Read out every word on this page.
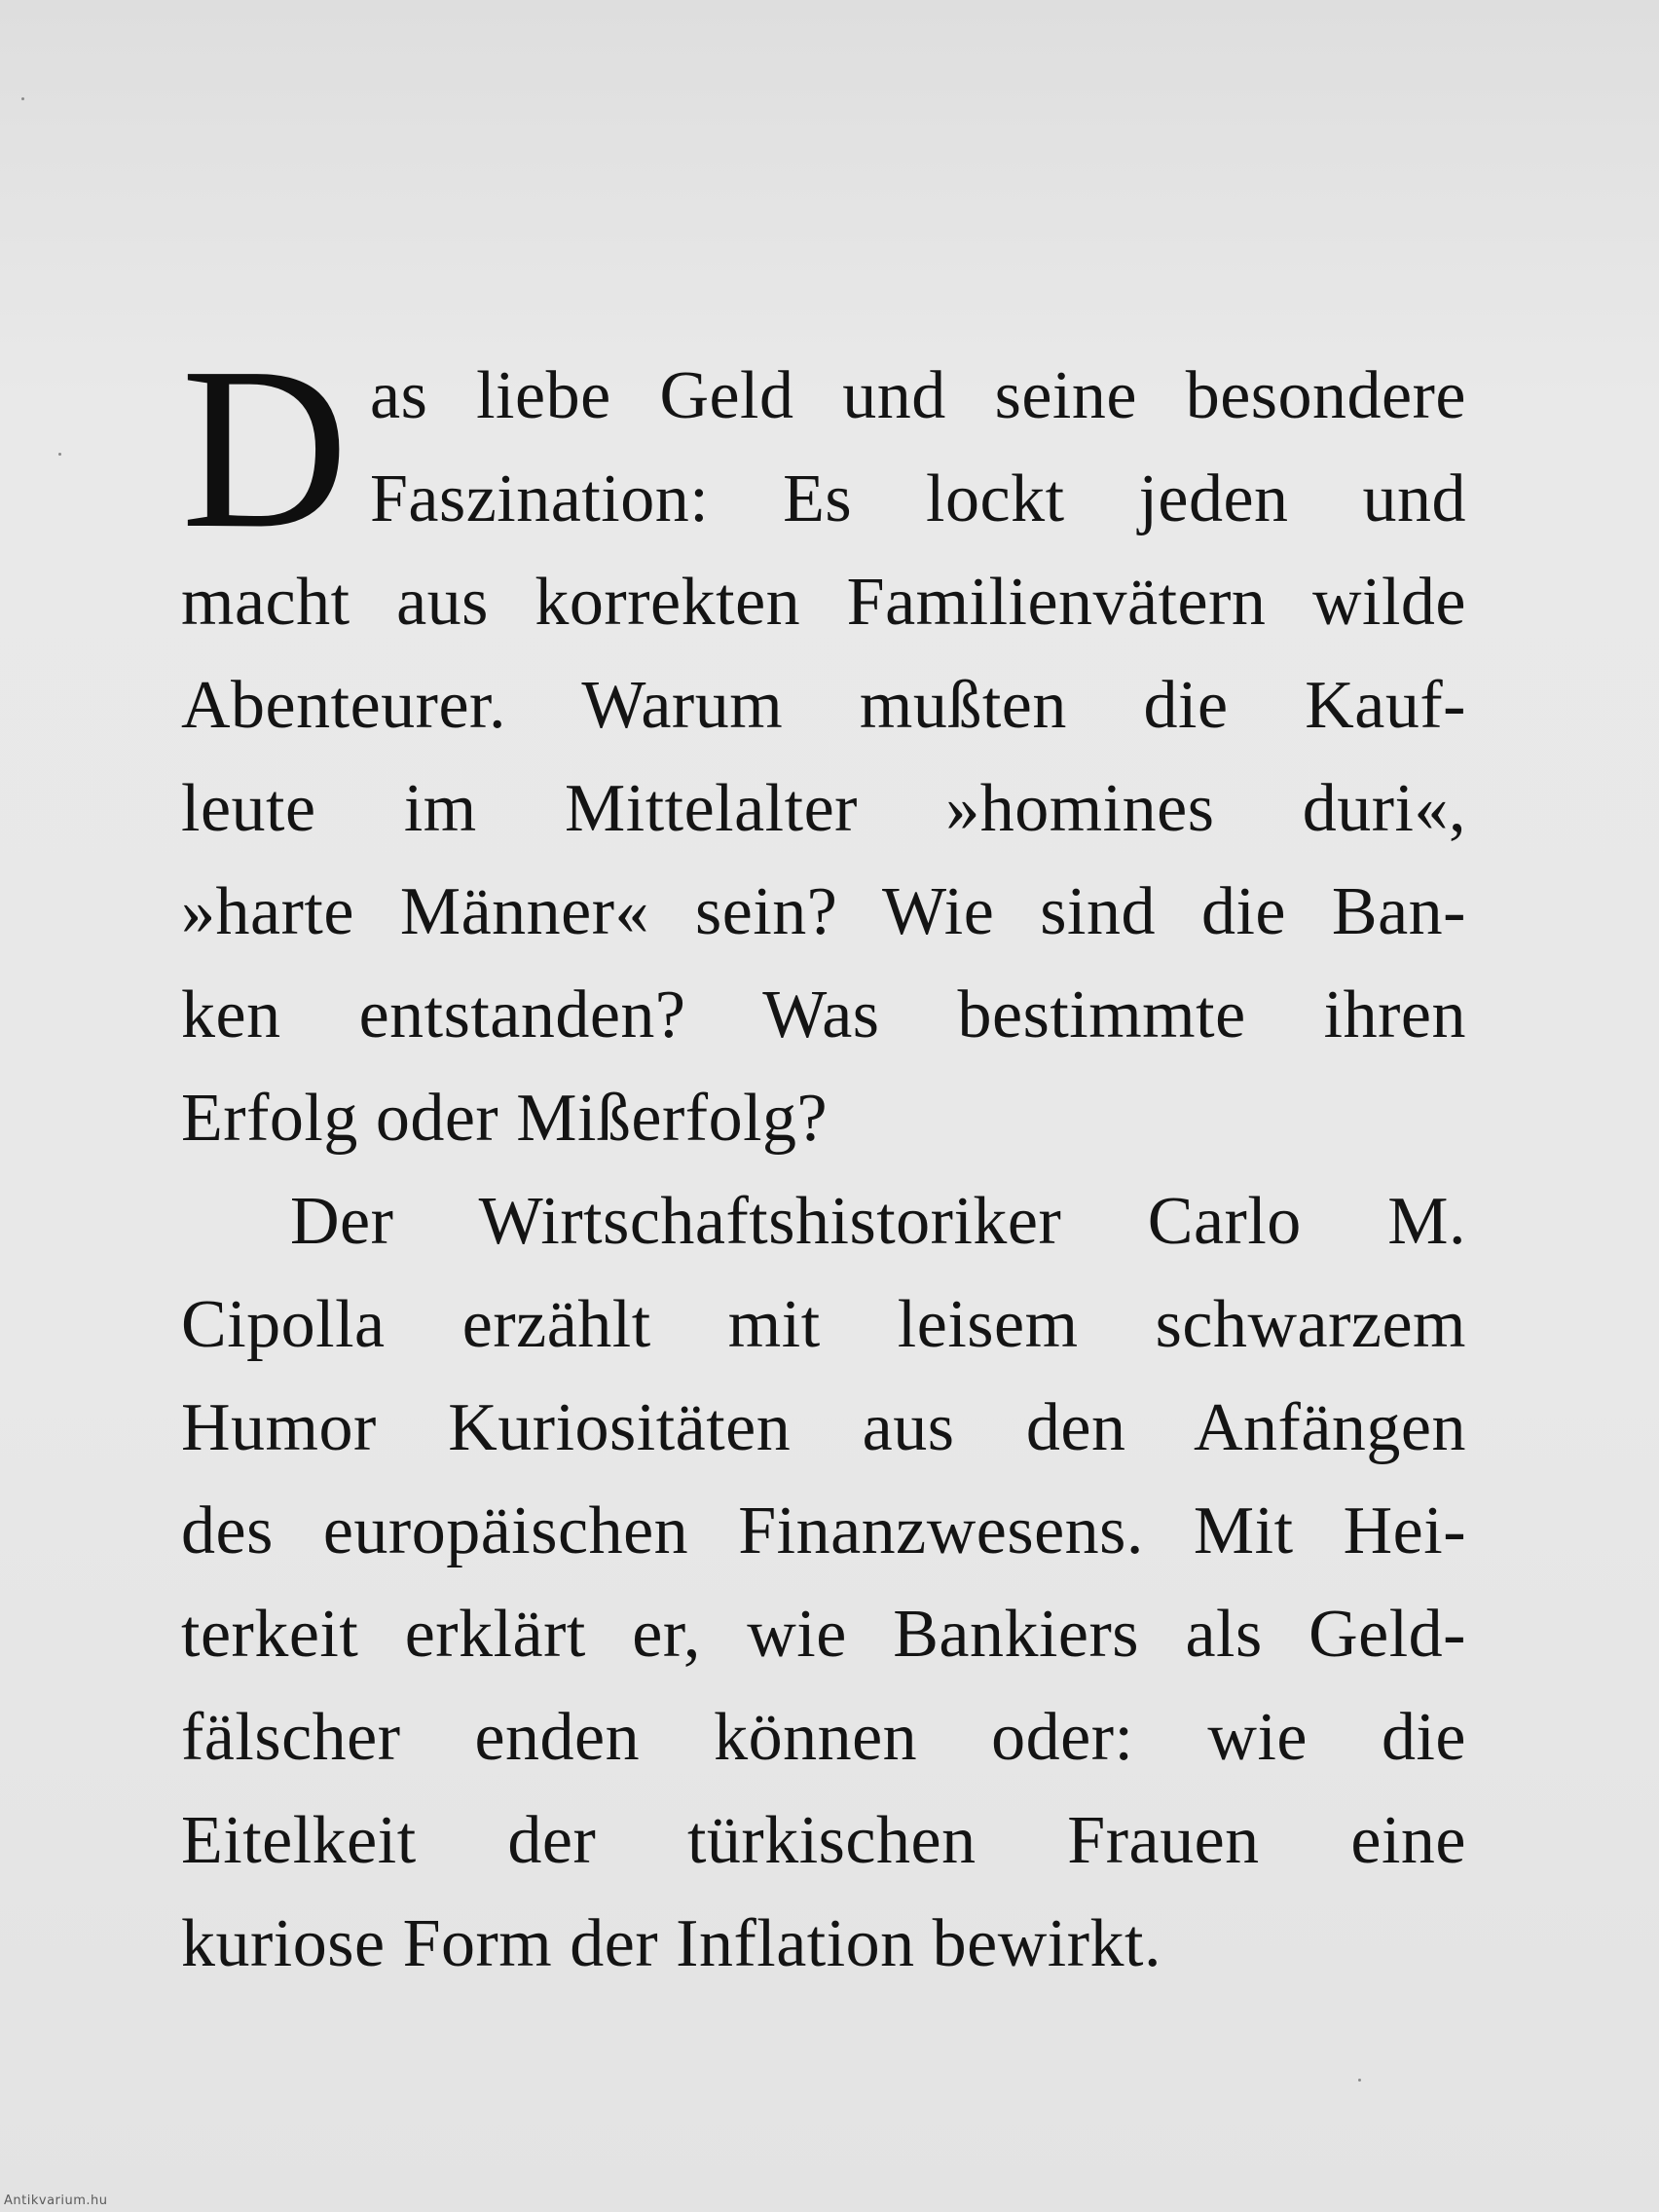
D as liebe Geld und seine besondere
Faszination: Es lockt jeden und
macht aus korrekten Familienvätern wilde
Abenteurer. Warum mußten die Kauf-
leute im Mittelalter »homines duri«,
»harte Männer« sein? Wie sind die Ban-
ken entstanden? Was bestimmte ihren
Erfolg oder Mißerfolg?
Der Wirtschaftshistoriker Carlo M.
Cipolla erzählt mit leisem schwarzem
Humor Kuriositäten aus den Anfängen
des europäischen Finanzwesens. Mit Hei-
terkeit erklärt er, wie Bankiers als Geld-
fälscher enden können oder: wie die
Eitelkeit der türkischen Frauen eine
kuriose Form der Inflation bewirkt.
Antikvarium.hu
